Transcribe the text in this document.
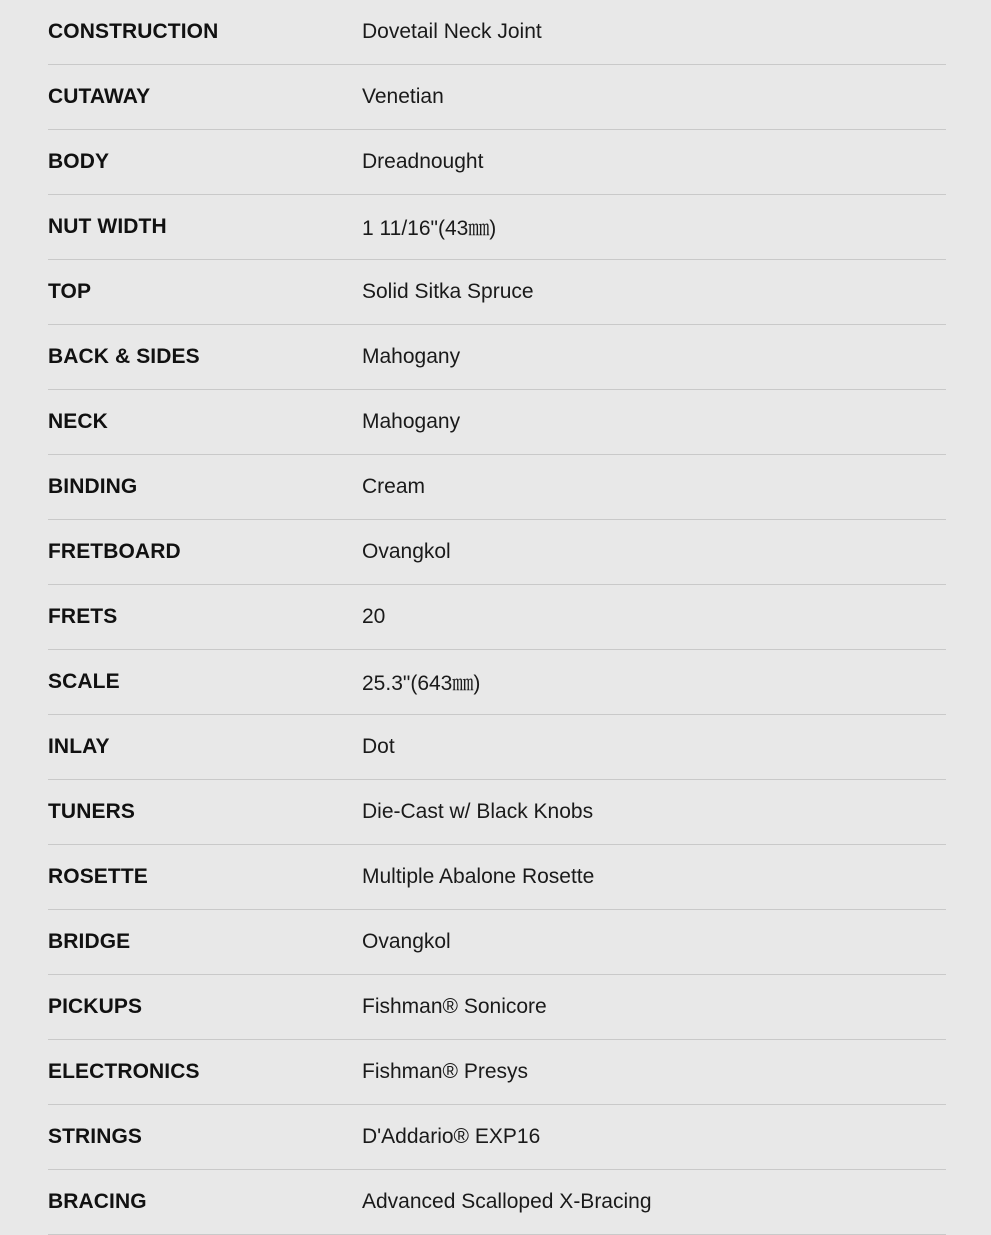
CONSTRUCTION	Dovetail Neck Joint
CUTAWAY	Venetian
BODY	Dreadnought
NUT WIDTH	1 11/16"(43㎜)
TOP	Solid Sitka Spruce
BACK & SIDES	Mahogany
NECK	Mahogany
BINDING	Cream
FRETBOARD	Ovangkol
FRETS	20
SCALE	25.3"(643㎜)
INLAY	Dot
TUNERS	Die-Cast w/ Black Knobs
ROSETTE	Multiple Abalone Rosette
BRIDGE	Ovangkol
PICKUPS	Fishman® Sonicore
ELECTRONICS	Fishman® Presys
STRINGS	D'Addario® EXP16
BRACING	Advanced Scalloped X-Bracing
